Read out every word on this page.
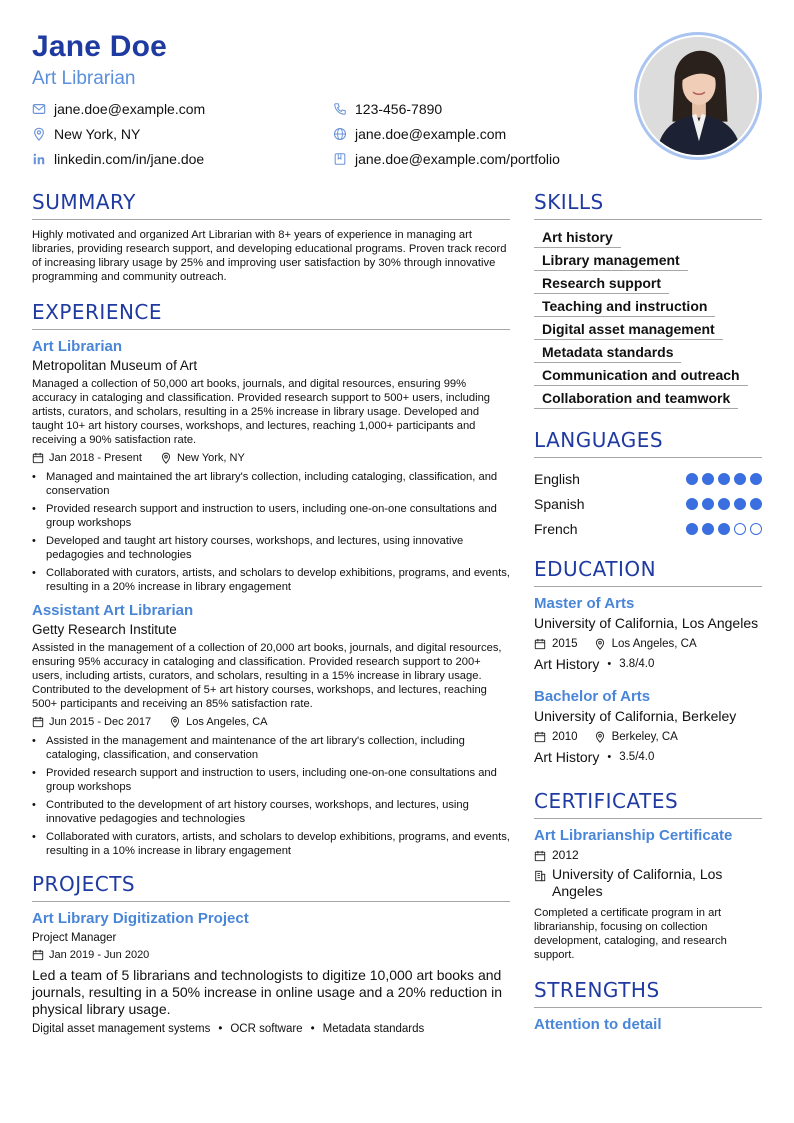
Jane Doe
Art Librarian
jane.doe@example.com	123-456-7890
New York, NY	jane.doe@example.com
linkedin.com/in/jane.doe	jane.doe@example.com/portfolio
SUMMARY
Highly motivated and organized Art Librarian with 8+ years of experience in managing art libraries, providing research support, and developing educational programs. Proven track record of increasing library usage by 25% and improving user satisfaction by 30% through innovative programming and community outreach.
EXPERIENCE
Art Librarian
Metropolitan Museum of Art
Managed a collection of 50,000 art books, journals, and digital resources, ensuring 99% accuracy in cataloging and classification. Provided research support to 500+ users, including artists, curators, and scholars, resulting in a 25% increase in library usage. Developed and taught 10+ art history courses, workshops, and lectures, reaching 1,000+ participants and receiving a 90% satisfaction rate.
Jan 2018 - Present	New York, NY
• Managed and maintained the art library's collection, including cataloging, classification, and conservation
• Provided research support and instruction to users, including one-on-one consultations and group workshops
• Developed and taught art history courses, workshops, and lectures, using innovative pedagogies and technologies
• Collaborated with curators, artists, and scholars to develop exhibitions, programs, and events, resulting in a 20% increase in library engagement
Assistant Art Librarian
Getty Research Institute
Assisted in the management of a collection of 20,000 art books, journals, and digital resources, ensuring 95% accuracy in cataloging and classification. Provided research support to 200+ users, including artists, curators, and scholars, resulting in a 15% increase in library usage. Contributed to the development of 5+ art history courses, workshops, and lectures, reaching 500+ participants and receiving an 85% satisfaction rate.
Jun 2015 - Dec 2017	Los Angeles, CA
• Assisted in the management and maintenance of the art library's collection, including cataloging, classification, and conservation
• Provided research support and instruction to users, including one-on-one consultations and group workshops
• Contributed to the development of art history courses, workshops, and lectures, using innovative pedagogies and technologies
• Collaborated with curators, artists, and scholars to develop exhibitions, programs, and events, resulting in a 10% increase in library engagement
PROJECTS
Art Library Digitization Project
Project Manager
Jan 2019 - Jun 2020
Led a team of 5 librarians and technologists to digitize 10,000 art books and journals, resulting in a 50% increase in online usage and a 20% reduction in physical library usage.
Digital asset management systems • OCR software • Metadata standards
SKILLS
Art history
Library management
Research support
Teaching and instruction
Digital asset management
Metadata standards
Communication and outreach
Collaboration and teamwork
LANGUAGES
English
Spanish
French
EDUCATION
Master of Arts
University of California, Los Angeles
2015	Los Angeles, CA
Art History • 3.8/4.0
Bachelor of Arts
University of California, Berkeley
2010	Berkeley, CA
Art History • 3.5/4.0
CERTIFICATES
Art Librarianship Certificate
2012
University of California, Los Angeles
Completed a certificate program in art librarianship, focusing on collection development, cataloging, and research support.
STRENGTHS
Attention to detail
